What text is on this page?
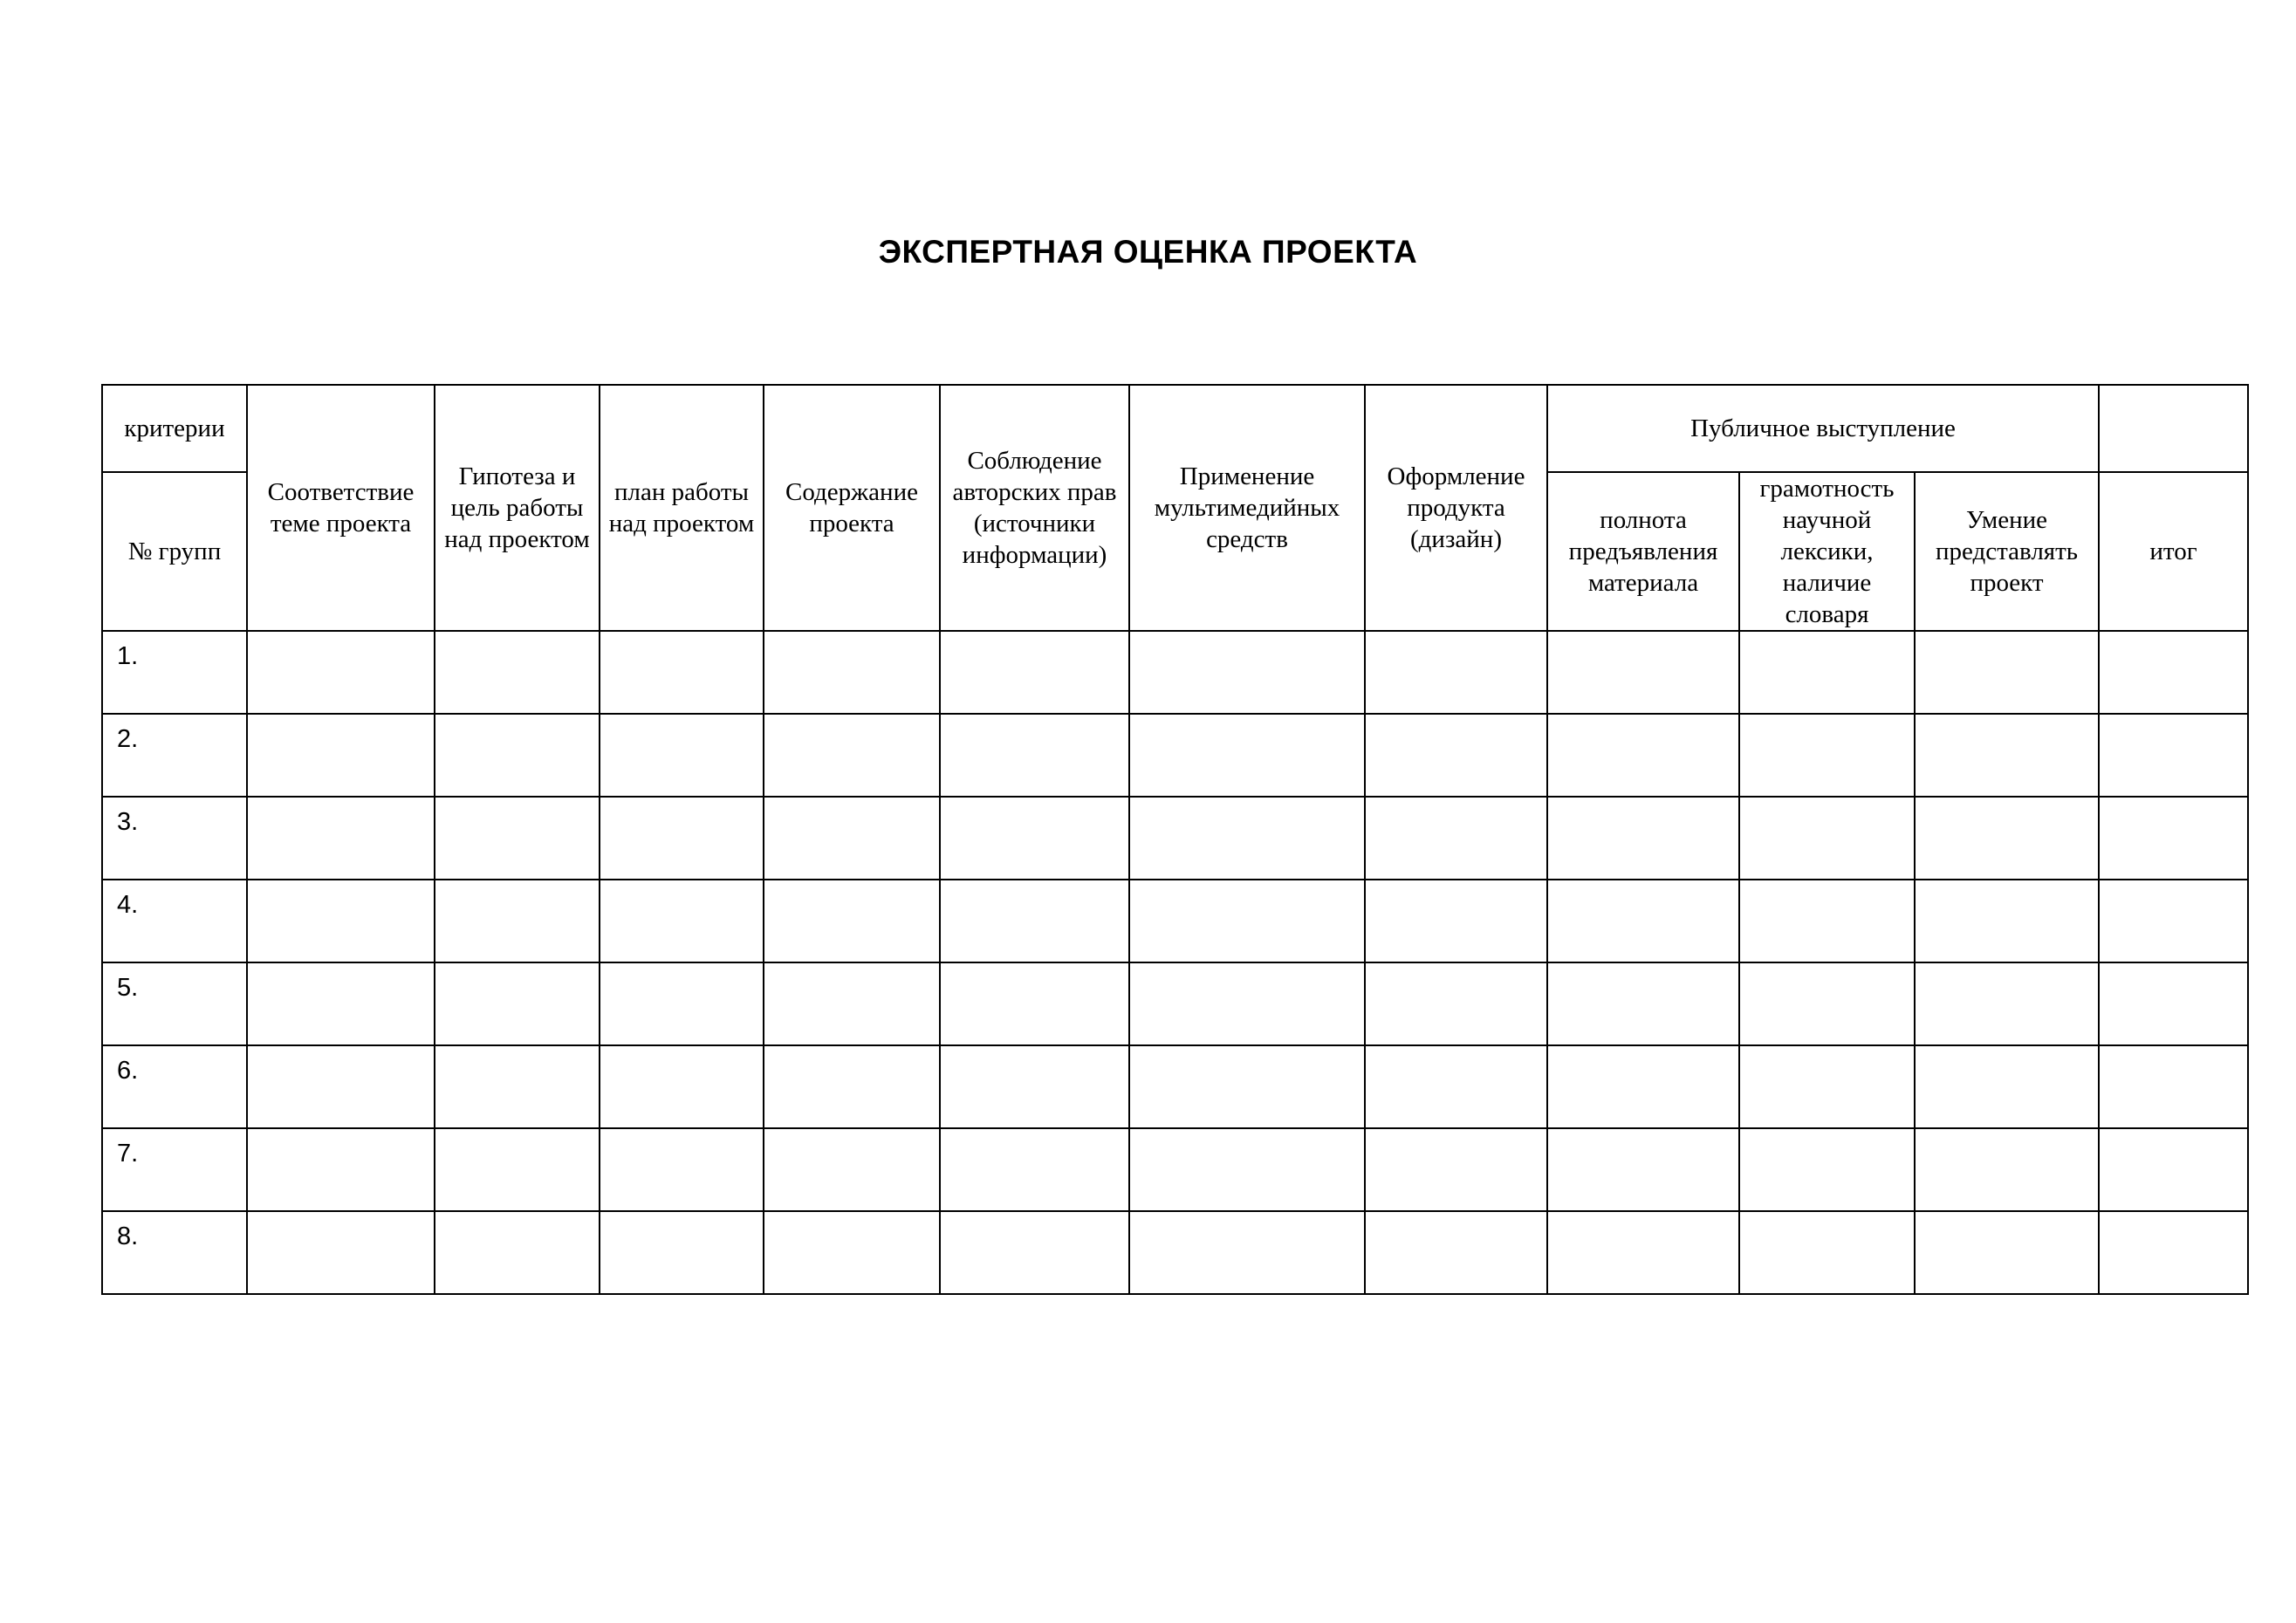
ЭКСПЕРТНАЯ ОЦЕНКА ПРОЕКТА
критерии	Соответствие теме проекта	Гипотеза и цель работы над проектом	план работы над проектом	Содержание проекта	Соблюдение авторских прав (источники информации)	Применение мультимедийных средств	Оформление продукта (дизайн)	Публичное выступление			

№ групп								полнота предъявления материала	грамотность научной лексики, наличие словаря	Умение представлять проект	итог

1.											
2.											
3.											
4.											
5.											
6.											
7.											
8.											
